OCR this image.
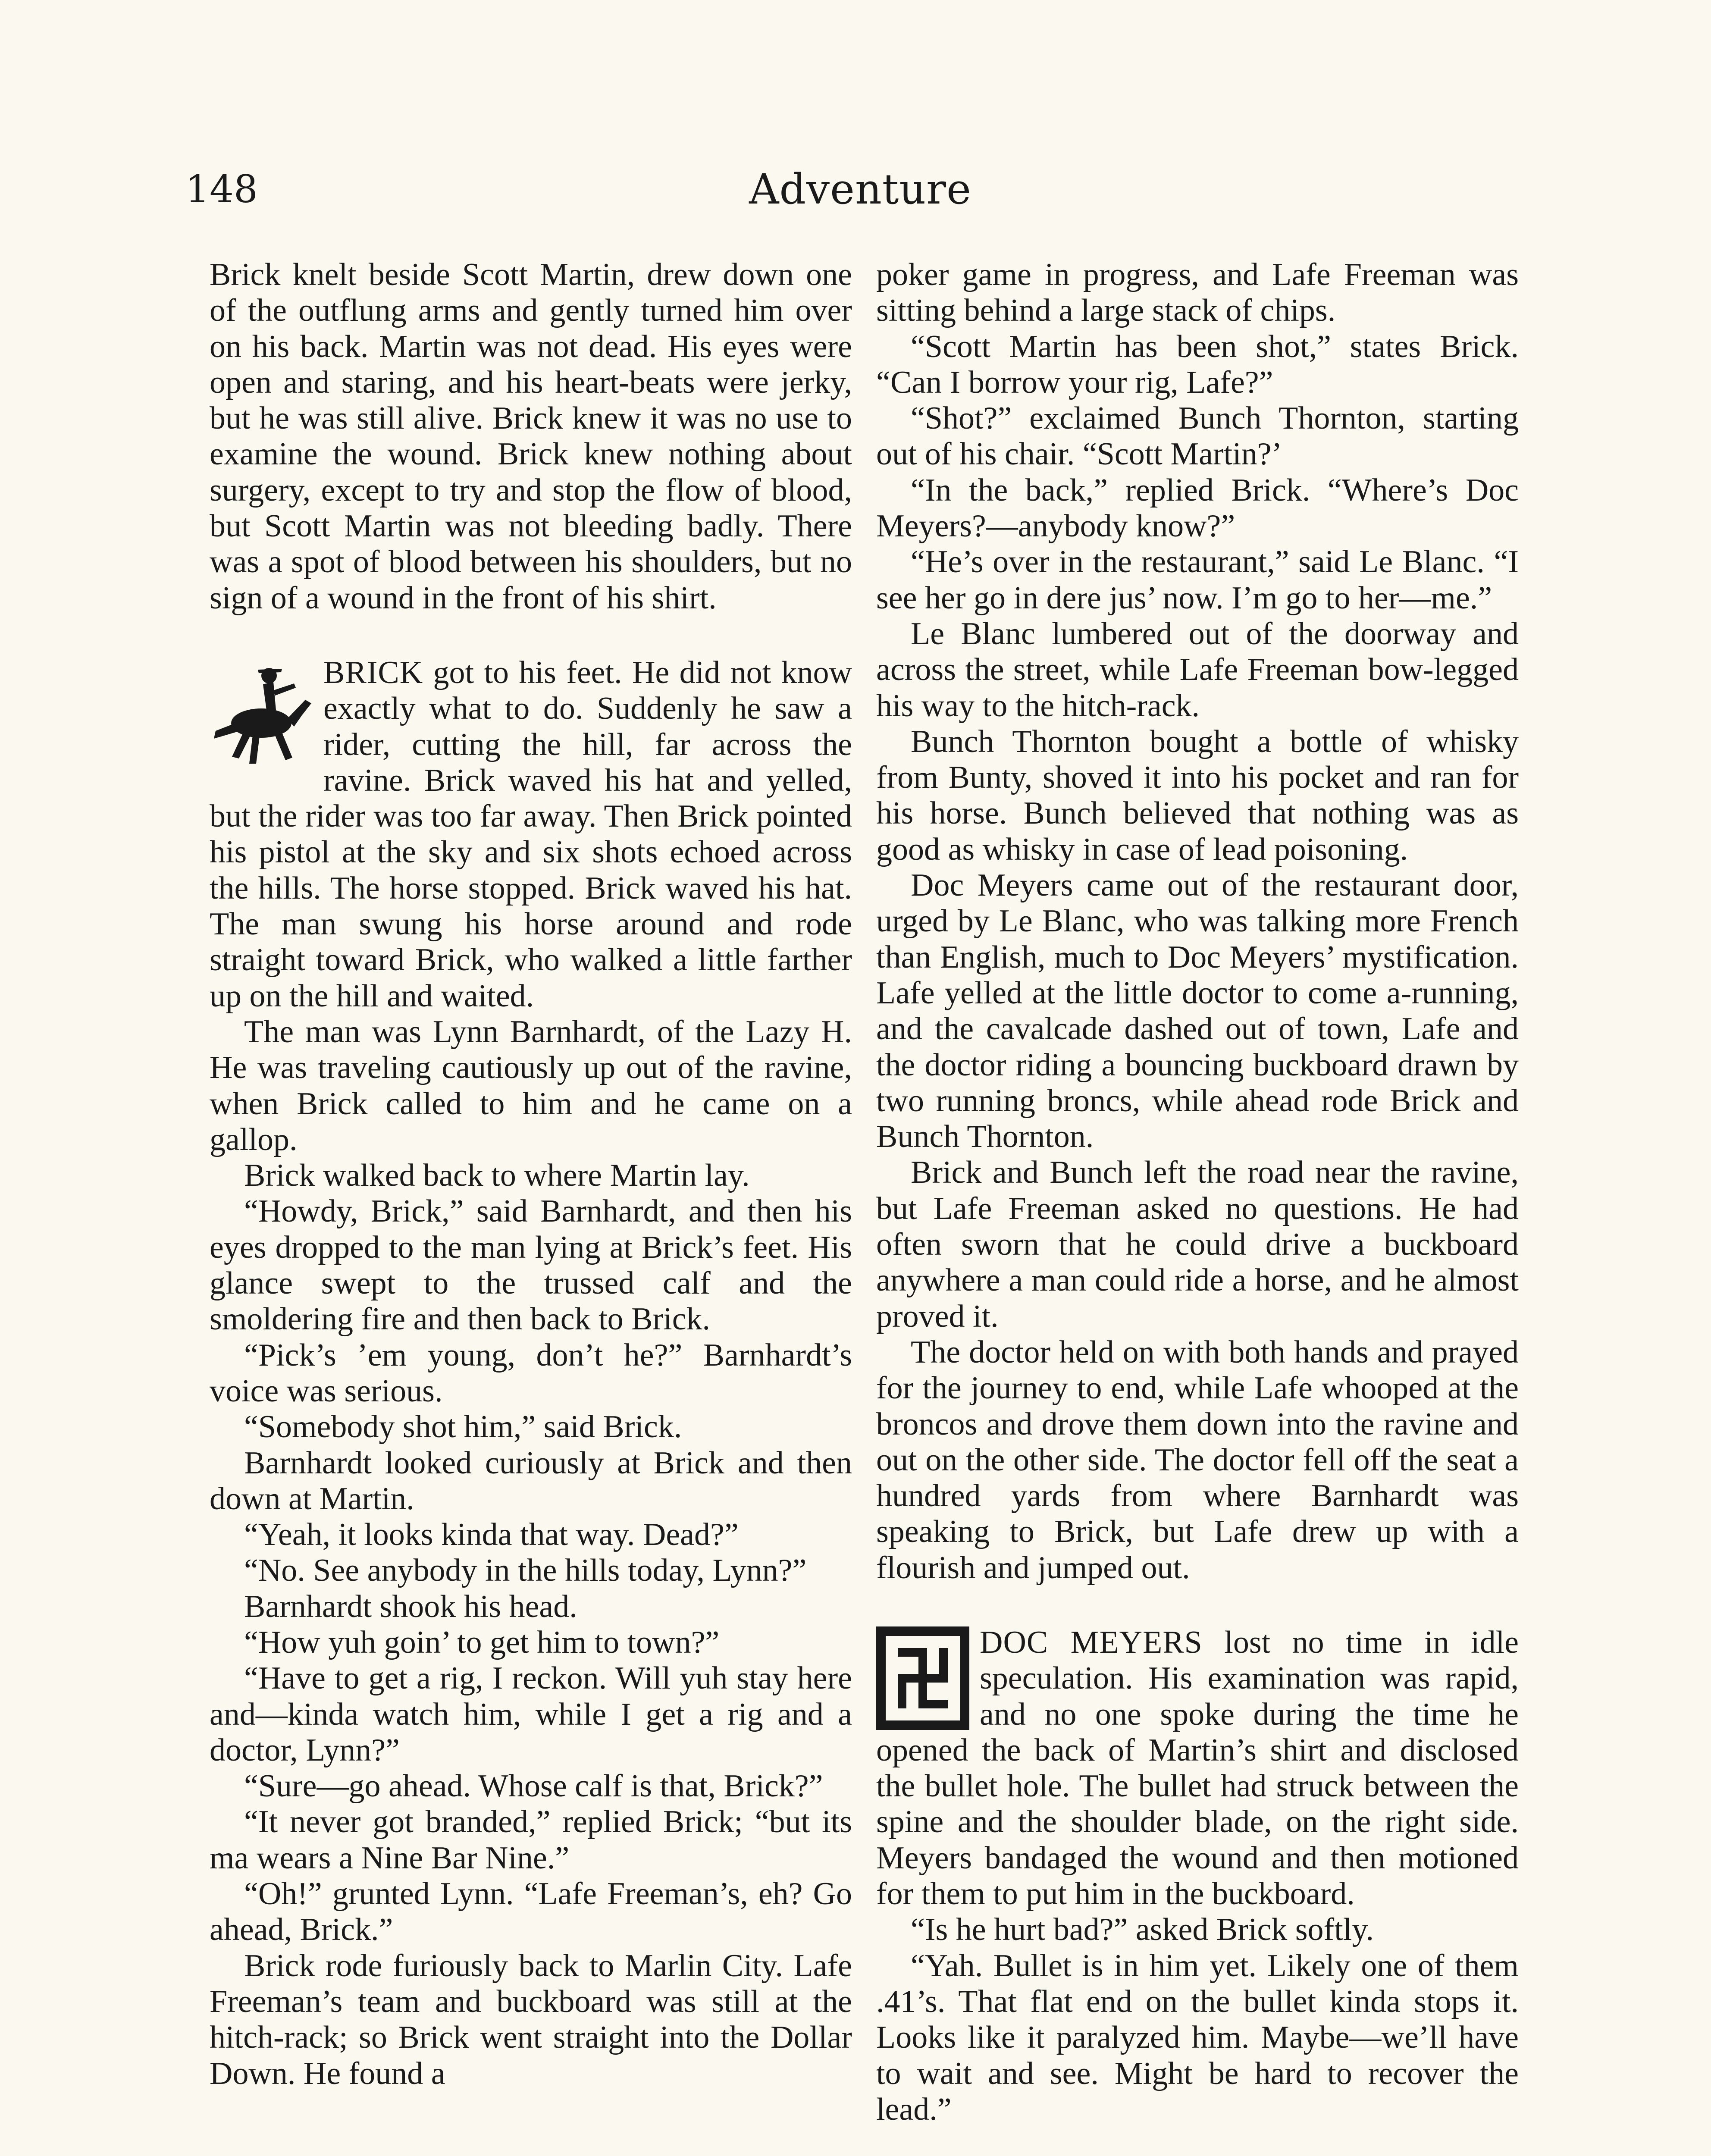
148	Adventure

Brick knelt beside Scott Martin, drew down one of the outflung arms and gently turned him over on his back. Martin was not dead. His eyes were open and staring, and his heart-beats were jerky, but he was still alive. Brick knew it was no use to examine the wound. Brick knew nothing about surgery, except to try and stop the flow of blood, but Scott Martin was not bleeding badly. There was a spot of blood between his shoulders, but no sign of a wound in the front of his shirt.

BRICK got to his feet. He did not know exactly what to do. Suddenly he saw a rider, cutting the hill, far across the ravine. Brick waved his hat and yelled, but the rider was too far away. Then Brick pointed his pistol at the sky and six shots echoed across the hills. The horse stopped. Brick waved his hat. The man swung his horse around and rode straight toward Brick, who walked a little farther up on the hill and waited.

The man was Lynn Barnhardt, of the Lazy H. He was traveling cautiously up out of the ravine, when Brick called to him and he came on a gallop.

Brick walked back to where Martin lay.

“Howdy, Brick,” said Barnhardt, and then his eyes dropped to the man lying at Brick’s feet. His glance swept to the trussed calf and the smoldering fire and then back to Brick.

“Pick’s ’em young, don’t he?” Barnhardt’s voice was serious.

“Somebody shot him,” said Brick.

Barnhardt looked curiously at Brick and then down at Martin.

“Yeah, it looks kinda that way. Dead?”

“No. See anybody in the hills today, Lynn?”

Barnhardt shook his head.

“How yuh goin’ to get him to town?”

“Have to get a rig, I reckon. Will yuh stay here and—kinda watch him, while I get a rig and a doctor, Lynn?”

“Sure—go ahead. Whose calf is that, Brick?”

“It never got branded,” replied Brick; “but its ma wears a Nine Bar Nine.”

“Oh!” grunted Lynn. “Lafe Freeman’s, eh? Go ahead, Brick.”

Brick rode furiously back to Marlin City. Lafe Freeman’s team and buckboard was still at the hitch-rack; so Brick went straight into the Dollar Down. He found a

poker game in progress, and Lafe Freeman was sitting behind a large stack of chips.

“Scott Martin has been shot,” states Brick. “Can I borrow your rig, Lafe?”

“Shot?” exclaimed Bunch Thornton, starting out of his chair. “Scott Martin?’

“In the back,” replied Brick. “Where’s Doc Meyers?—anybody know?”

“He’s over in the restaurant,” said Le Blanc. “I see her go in dere jus’ now. I’m go to her—me.”

Le Blanc lumbered out of the doorway and across the street, while Lafe Freeman bow-legged his way to the hitch-rack.

Bunch Thornton bought a bottle of whisky from Bunty, shoved it into his pocket and ran for his horse. Bunch believed that nothing was as good as whisky in case of lead poisoning.

Doc Meyers came out of the restaurant door, urged by Le Blanc, who was talking more French than English, much to Doc Meyers’ mystification. Lafe yelled at the little doctor to come a-running, and the cavalcade dashed out of town, Lafe and the doctor riding a bouncing buckboard drawn by two running broncs, while ahead rode Brick and Bunch Thornton.

Brick and Bunch left the road near the ravine, but Lafe Freeman asked no questions. He had often sworn that he could drive a buckboard anywhere a man could ride a horse, and he almost proved it.

The doctor held on with both hands and prayed for the journey to end, while Lafe whooped at the broncos and drove them down into the ravine and out on the other side. The doctor fell off the seat a hundred yards from where Barnhardt was speaking to Brick, but Lafe drew up with a flourish and jumped out.

DOC MEYERS lost no time in idle speculation. His examination was rapid, and no one spoke during the time he opened the back of Martin’s shirt and disclosed the bullet hole. The bullet had struck between the spine and the shoulder blade, on the right side. Meyers bandaged the wound and then motioned for them to put him in the buckboard.

“Is he hurt bad?” asked Brick softly.

“Yah. Bullet is in him yet. Likely one of them .41’s. That flat end on the bullet kinda stops it. Looks like it paralyzed him. Maybe—we’ll have to wait and see. Might be hard to recover the lead.”
